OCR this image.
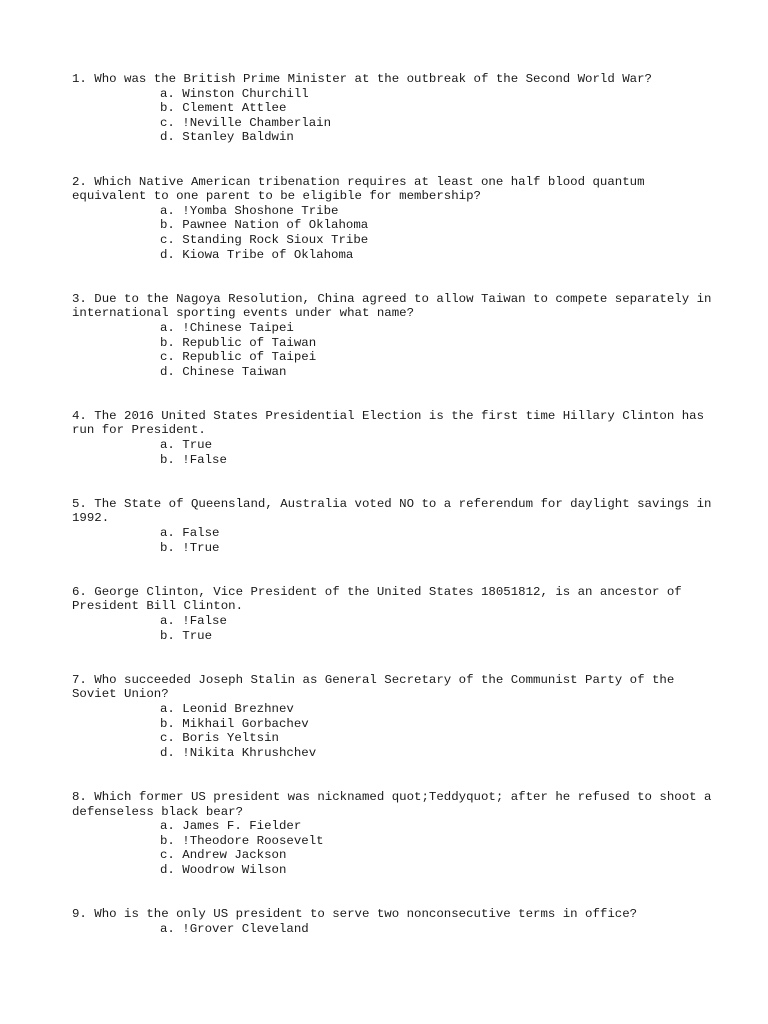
1. Who was the British Prime Minister at the outbreak of the Second World War?

a. Winston Churchill
b. Clement Attlee
c. !Neville Chamberlain
d. Stanley Baldwin

2. Which Native American tribenation requires at least one half blood quantum equivalent to one parent to be eligible for membership?

a. !Yomba Shoshone Tribe
b. Pawnee Nation of Oklahoma
c. Standing Rock Sioux Tribe
d. Kiowa Tribe of Oklahoma

3. Due to the Nagoya Resolution, China agreed to allow Taiwan to compete separately in international sporting events under what name?

a. !Chinese Taipei
b. Republic of Taiwan
c. Republic of Taipei
d. Chinese Taiwan

4. The 2016 United States Presidential Election is the first time Hillary Clinton has run for President.

a. True
b. !False

5. The State of Queensland, Australia voted NO to a referendum for daylight savings in 1992.

a. False
b. !True

6. George Clinton, Vice President of the United States 18051812, is an ancestor of President Bill Clinton.

a. !False
b. True

7. Who succeeded Joseph Stalin as General Secretary of the Communist Party of the Soviet Union?

a. Leonid Brezhnev
b. Mikhail Gorbachev
c. Boris Yeltsin
d. !Nikita Khrushchev

8. Which former US president was nicknamed quot;Teddyquot; after he refused to shoot a defenseless black bear?

a. James F. Fielder
b. !Theodore Roosevelt
c. Andrew Jackson
d. Woodrow Wilson

9. Who is the only US president to serve two nonconsecutive terms in office?

a. !Grover Cleveland
